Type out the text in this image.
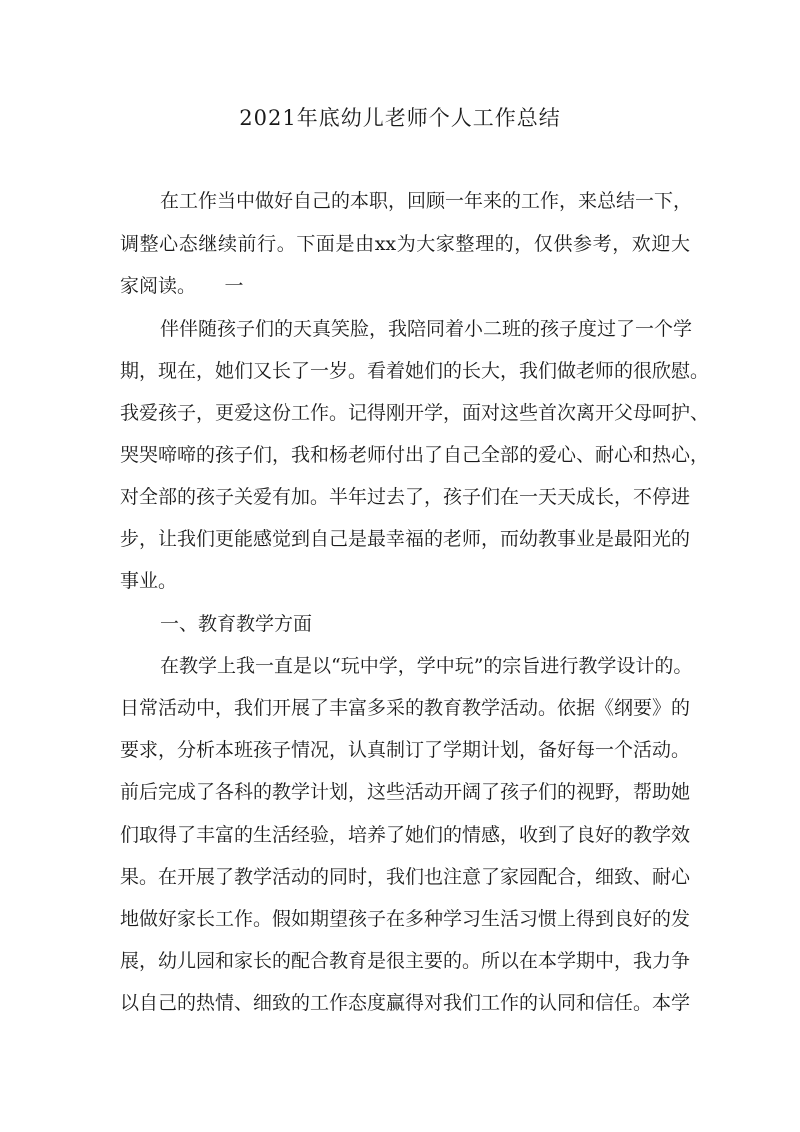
2021年底幼儿老师个人工作总结
在工作当中做好自己的本职，回顾一年来的工作，来总结一下，
调整心态继续前行。下面是由xx为大家整理的，仅供参考，欢迎大
家阅读。　　一
伴伴随孩子们的天真笑脸，我陪同着小二班的孩子度过了一个学
期，现在，她们又长了一岁。看着她们的长大，我们做老师的很欣慰。
我爱孩子，更爱这份工作。记得刚开学，面对这些首次离开父母呵护、
哭哭啼啼的孩子们，我和杨老师付出了自己全部的爱心、耐心和热心，
对全部的孩子关爱有加。半年过去了，孩子们在一天天成长，不停进
步，让我们更能感觉到自己是最幸福的老师，而幼教事业是最阳光的
事业。
一、教育教学方面
在教学上我一直是以“玩中学，学中玩”的宗旨进行教学设计的。
日常活动中，我们开展了丰富多采的教育教学活动。依据《纲要》的
要求，分析本班孩子情况，认真制订了学期计划，备好每一个活动。
前后完成了各科的教学计划，这些活动开阔了孩子们的视野，帮助她
们取得了丰富的生活经验，培养了她们的情感，收到了良好的教学效
果。在开展了教学活动的同时，我们也注意了家园配合，细致、耐心
地做好家长工作。假如期望孩子在多种学习生活习惯上得到良好的发
展，幼儿园和家长的配合教育是很主要的。所以在本学期中，我力争
以自己的热情、细致的工作态度赢得对我们工作的认同和信任。本学
